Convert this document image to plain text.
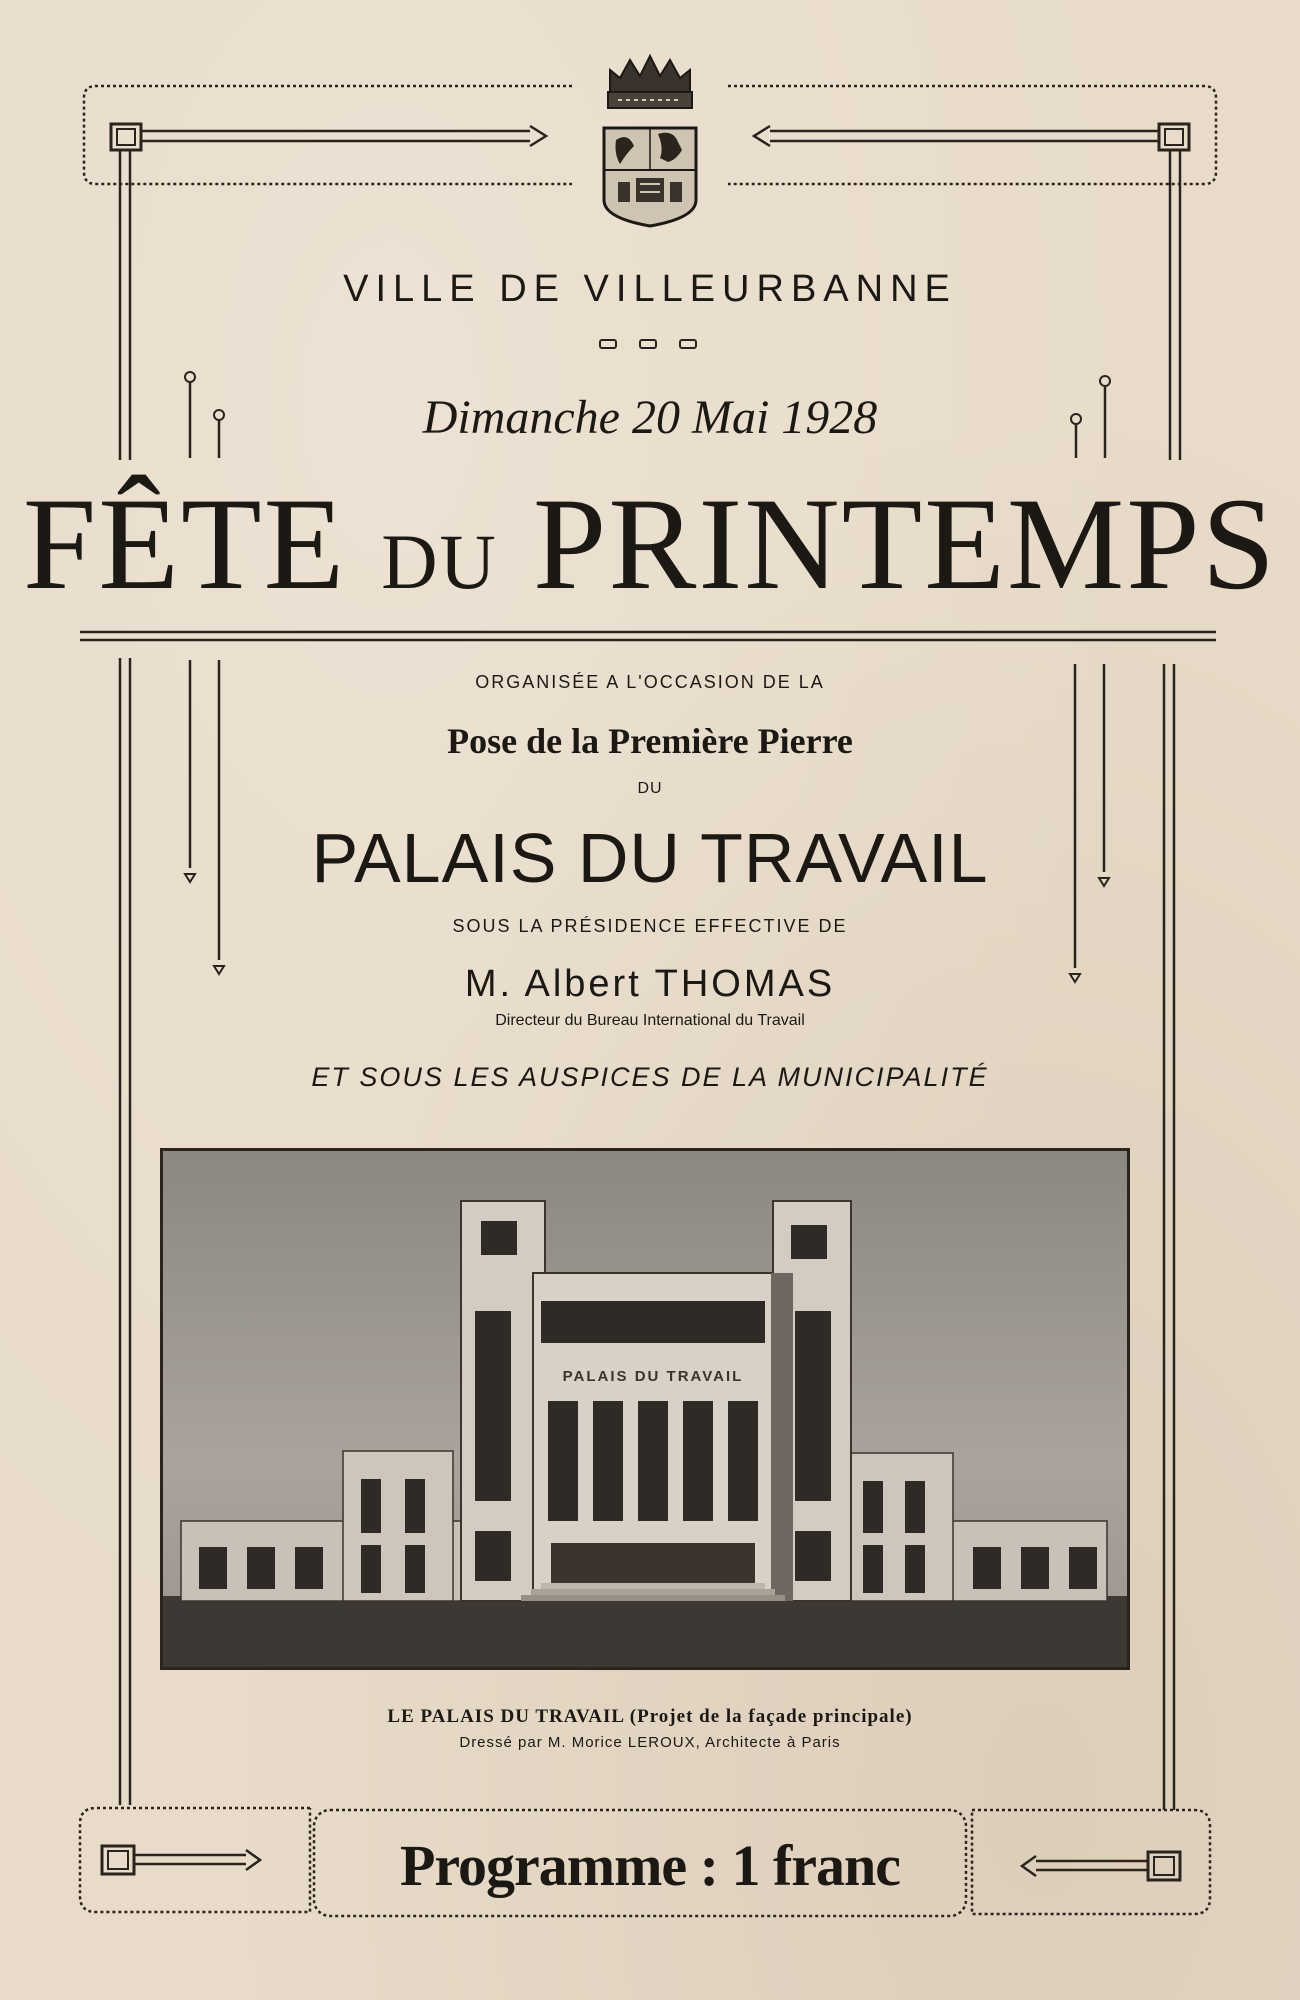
VILLE DE VILLEURBANNE
Dimanche 20 Mai 1928
FÊTE DU PRINTEMPS
ORGANISÉE A L'OCCASION DE LA
Pose de la Première Pierre
DU
PALAIS DU TRAVAIL
SOUS LA PRÉSIDENCE EFFECTIVE DE
M. Albert THOMAS
Directeur du Bureau International du Travail
ET SOUS LES AUSPICES DE LA MUNICIPALITÉ
PALAIS DU TRAVAIL
LE PALAIS DU TRAVAIL (Projet de la façade principale)
Dressé par M. Morice LEROUX, Architecte à Paris
Programme : 1 franc
